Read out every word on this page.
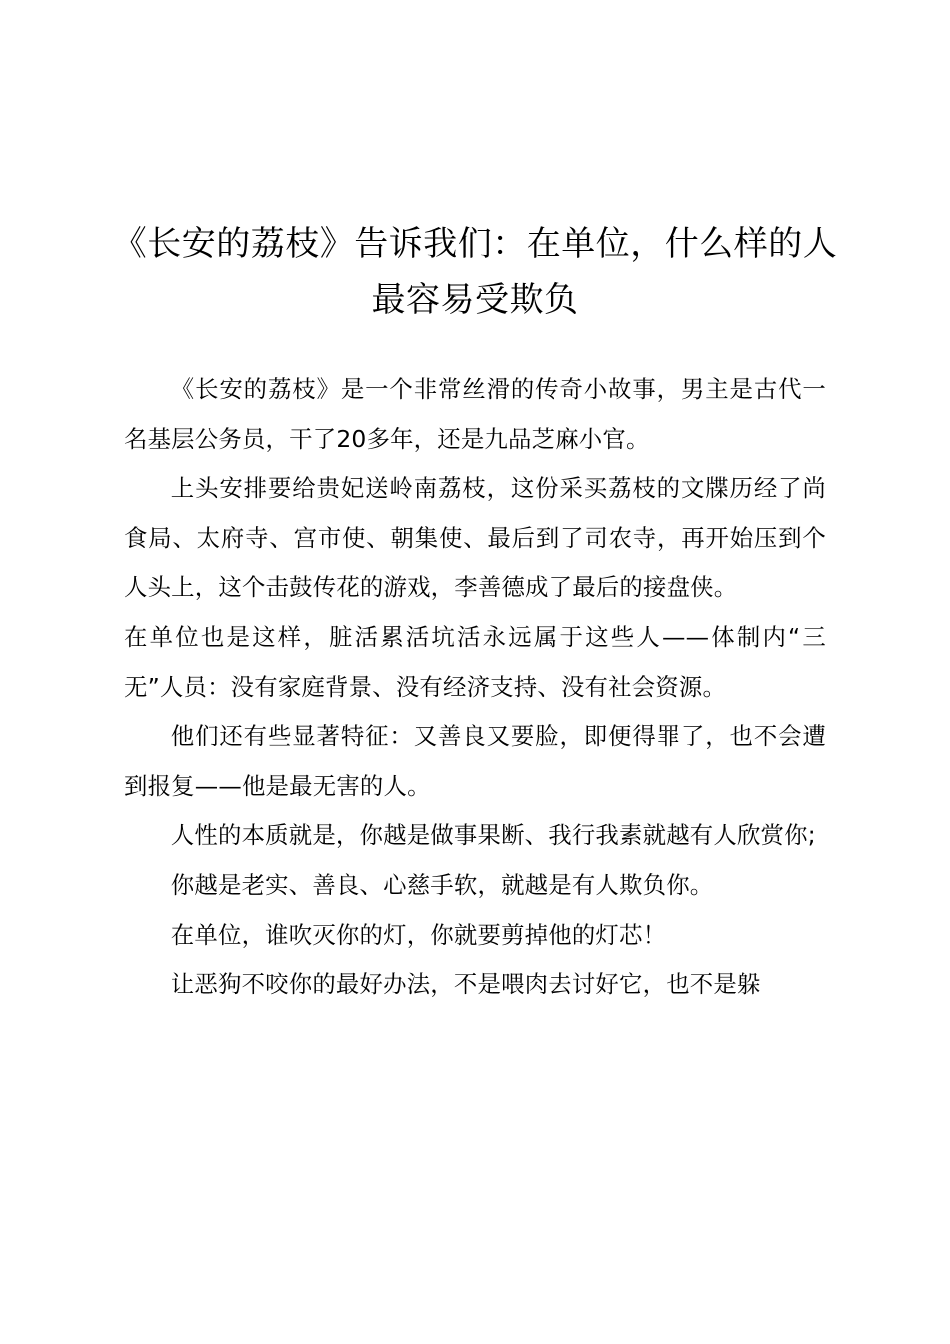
《长安的荔枝》告诉我们：在单位，什么样的人最容易受欺负

《长安的荔枝》是一个非常丝滑的传奇小故事，男主是古代一名基层公务员，干了20多年，还是九品芝麻小官。

上头安排要给贵妃送岭南荔枝，这份采买荔枝的文牒历经了尚食局、太府寺、宫市使、朝集使、最后到了司农寺，再开始压到个人头上，这个击鼓传花的游戏，李善德成了最后的接盘侠。

在单位也是这样，脏活累活坑活永远属于这些人——体制内“三无”人员：没有家庭背景、没有经济支持、没有社会资源。

他们还有些显著特征：又善良又要脸，即便得罪了，也不会遭到报复——他是最无害的人。

人性的本质就是，你越是做事果断、我行我素就越有人欣赏你;

你越是老实、善良、心慈手软，就越是有人欺负你。

在单位，谁吹灭你的灯，你就要剪掉他的灯芯！

让恶狗不咬你的最好办法，不是喂肉去讨好它，也不是躲
